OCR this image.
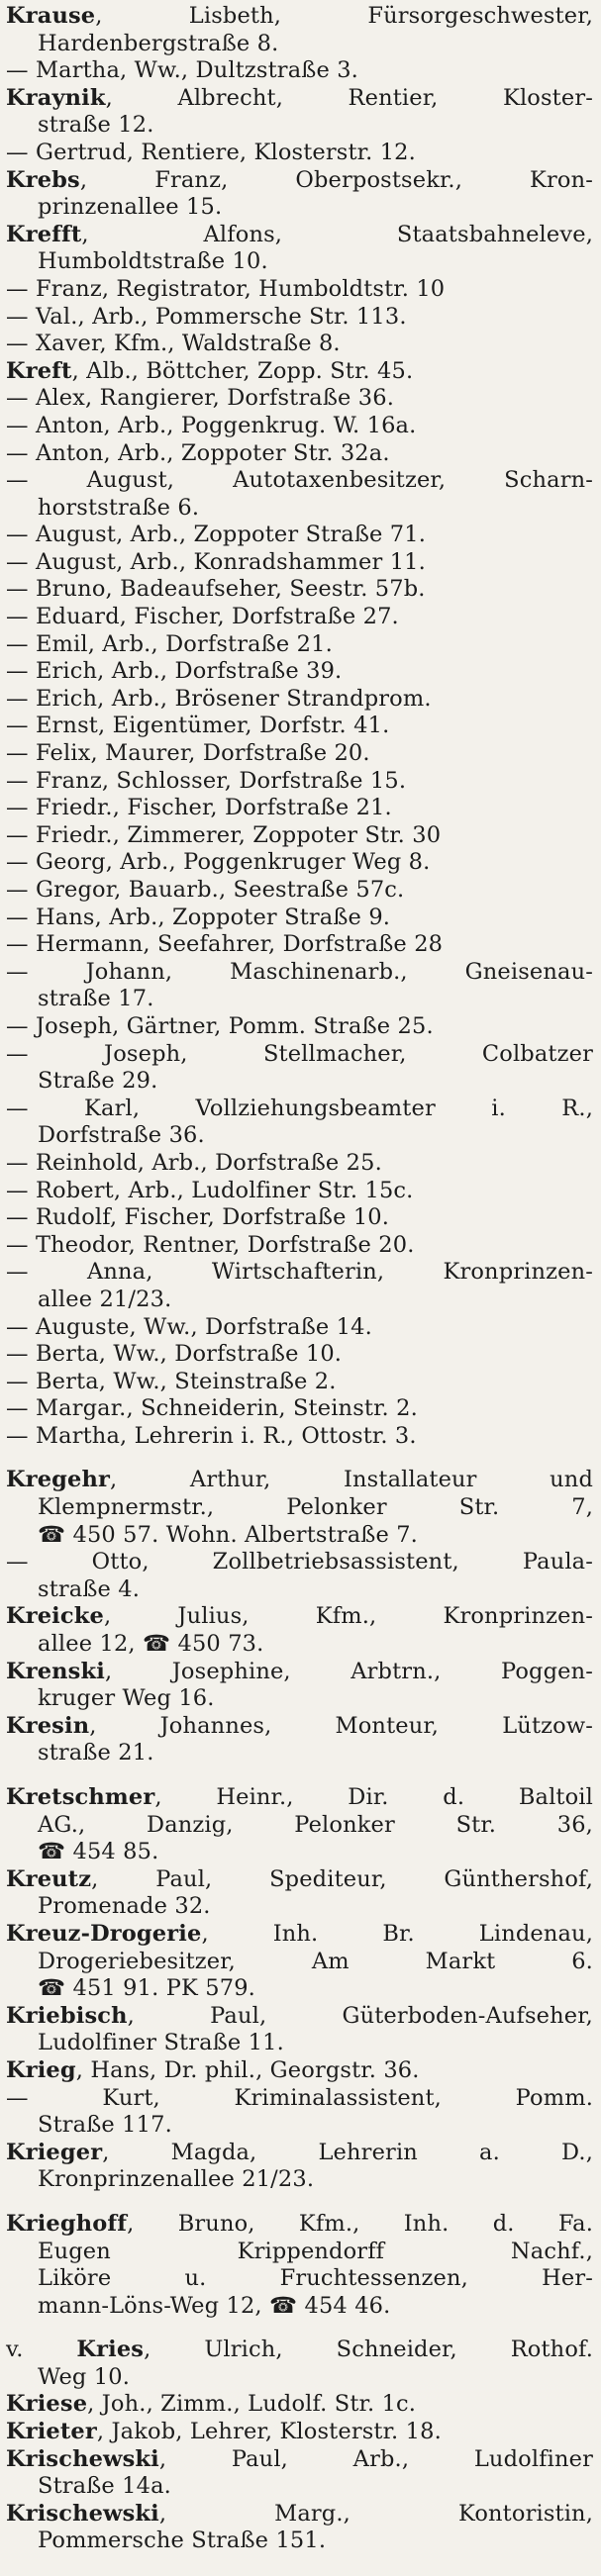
Krause, Lisbeth, Fürsorgeschwester,
Hardenbergstraße 8.
— Martha, Ww., Dultzstraße 3.
Kraynik, Albrecht, Rentier, Kloster-
straße 12.
— Gertrud, Rentiere, Klosterstr. 12.
Krebs, Franz, Oberpostsekr., Kron-
prinzenallee 15.
Krefft, Alfons, Staatsbahneleve,
Humboldtstraße 10.
— Franz, Registrator, Humboldtstr. 10
— Val., Arb., Pommersche Str. 113.
— Xaver, Kfm., Waldstraße 8.
Kreft, Alb., Böttcher, Zopp. Str. 45.
— Alex, Rangierer, Dorfstraße 36.
— Anton, Arb., Poggenkrug. W. 16a.
— Anton, Arb., Zoppoter Str. 32a.
— August, Autotaxenbesitzer, Scharn-
horststraße 6.
— August, Arb., Zoppoter Straße 71.
— August, Arb., Konradshammer 11.
— Bruno, Badeaufseher, Seestr. 57b.
— Eduard, Fischer, Dorfstraße 27.
— Emil, Arb., Dorfstraße 21.
— Erich, Arb., Dorfstraße 39.
— Erich, Arb., Brösener Strandprom.
— Ernst, Eigentümer, Dorfstr. 41.
— Felix, Maurer, Dorfstraße 20.
— Franz, Schlosser, Dorfstraße 15.
— Friedr., Fischer, Dorfstraße 21.
— Friedr., Zimmerer, Zoppoter Str. 30
— Georg, Arb., Poggenkruger Weg 8.
— Gregor, Bauarb., Seestraße 57c.
— Hans, Arb., Zoppoter Straße 9.
— Hermann, Seefahrer, Dorfstraße 28
— Johann, Maschinenarb., Gneisenau-
straße 17.
— Joseph, Gärtner, Pomm. Straße 25.
— Joseph, Stellmacher, Colbatzer
Straße 29.
— Karl, Vollziehungsbeamter i. R.,
Dorfstraße 36.
— Reinhold, Arb., Dorfstraße 25.
— Robert, Arb., Ludolfiner Str. 15c.
— Rudolf, Fischer, Dorfstraße 10.
— Theodor, Rentner, Dorfstraße 20.
— Anna, Wirtschafterin, Kronprinzen-
allee 21/23.
— Auguste, Ww., Dorfstraße 14.
— Berta, Ww., Dorfstraße 10.
— Berta, Ww., Steinstraße 2.
— Margar., Schneiderin, Steinstr. 2.
— Martha, Lehrerin i. R., Ottostr. 3.
Kregehr, Arthur, Installateur und
Klempnermstr., Pelonker Str. 7,
☎ 450 57. Wohn. Albertstraße 7.
— Otto, Zollbetriebsassistent, Paula-
straße 4.
Kreicke, Julius, Kfm., Kronprinzen-
allee 12, ☎ 450 73.
Krenski, Josephine, Arbtrn., Poggen-
kruger Weg 16.
Kresin, Johannes, Monteur, Lützow-
straße 21.
Kretschmer, Heinr., Dir. d. Baltoil
AG., Danzig, Pelonker Str. 36,
☎ 454 85.
Kreutz, Paul, Spediteur, Günthershof,
Promenade 32.
Kreuz-Drogerie, Inh. Br. Lindenau,
Drogeriebesitzer, Am Markt 6.
☎ 451 91. PK 579.
Kriebisch, Paul, Güterboden-Aufseher,
Ludolfiner Straße 11.
Krieg, Hans, Dr. phil., Georgstr. 36.
— Kurt, Kriminalassistent, Pomm.
Straße 117.
Krieger, Magda, Lehrerin a. D.,
Kronprinzenallee 21/23.
Krieghoff, Bruno, Kfm., Inh. d. Fa.
Eugen Krippendorff Nachf.,
Liköre u. Fruchtessenzen, Her-
mann-Löns-Weg 12, ☎ 454 46.
v. Kries, Ulrich, Schneider, Rothof.
Weg 10.
Kriese, Joh., Zimm., Ludolf. Str. 1c.
Krieter, Jakob, Lehrer, Klosterstr. 18.
Krischewski, Paul, Arb., Ludolfiner
Straße 14a.
Krischewski, Marg., Kontoristin,
Pommersche Straße 151.
